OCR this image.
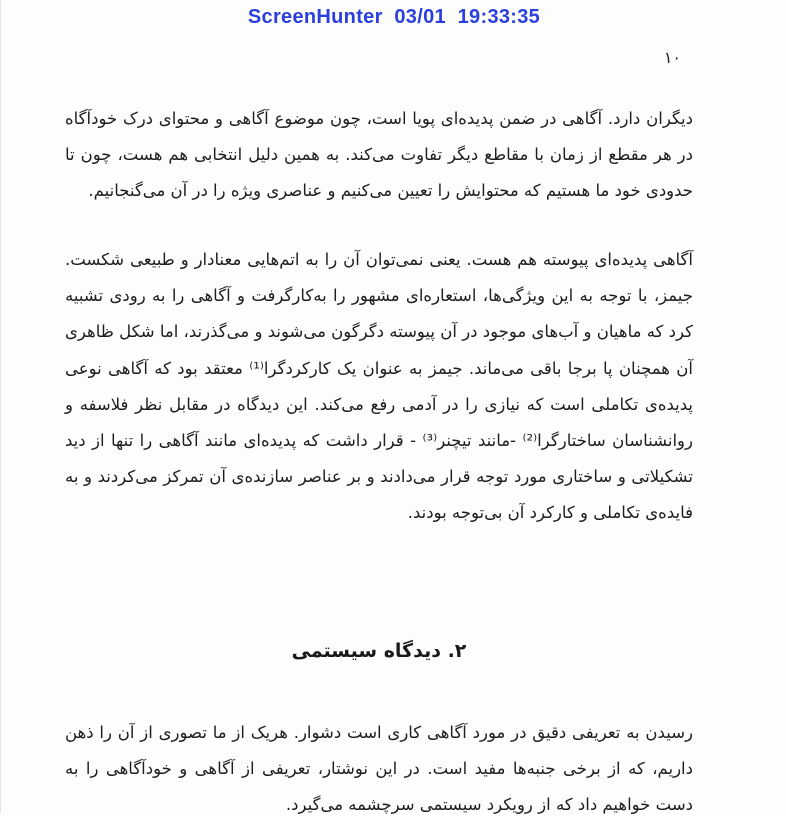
ScreenHunter  03/01  19:33:35
١٠

دیگران دارد. آگاهی در ضمن پدیده‌ای پویا است، چون موضوع آگاهی و محتوای درک خودآگاه در هر مقطع از زمان با مقاطع دیگر تفاوت می‌کند. به همین دلیل انتخابی هم هست، چون تا حدودی خود ما هستیم که محتوایش را تعیین می‌کنیم و عناصری ویژه را در آن می‌گنجانیم.

آگاهی پدیده‌ای پیوسته هم هست. یعنی نمی‌توان آن را به اتم‌هایی معنادار و طبیعی شکست. جیمز، با توجه به این ویژگی‌ها، استعاره‌ای مشهور را به‌کارگرفت و آگاهی را به رودی تشبیه کرد که ماهیان و آب‌های موجود در آن پیوسته دگرگون می‌شوند و می‌گذرند، اما شکل ظاهری آن همچنان پا برجا باقی می‌ماند. جیمز به عنوان یک کارکردگرا⁽¹⁾ معتقد بود که آگاهی نوعی پدیده‌ی تکاملی است که نیازی را در آدمی رفع می‌کند. این دیدگاه در مقابل نظر فلاسفه و روانشناسان ساختارگرا⁽²⁾ -مانند تیچنر⁽³⁾ - قرار داشت که پدیده‌ای مانند آگاهی را تنها از دید تشکیلاتی و ساختاری مورد توجه قرار می‌دادند و بر عناصر سازنده‌ی آن تمرکز می‌کردند و به فایده‌ی تکاملی و کارکرد آن بی‌توجه بودند.

٢. دیدگاه سیستمی

رسیدن به تعریفی دقیق در مورد آگاهی کاری است دشوار. هریک از ما تصوری از آن را ذهن داریم، که از برخی جنبه‌ها مفید است. در این نوشتار، تعریفی از آگاهی و خودآگاهی را به دست خواهیم داد که از رویکرد سیستمی سرچشمه می‌گیرد.
